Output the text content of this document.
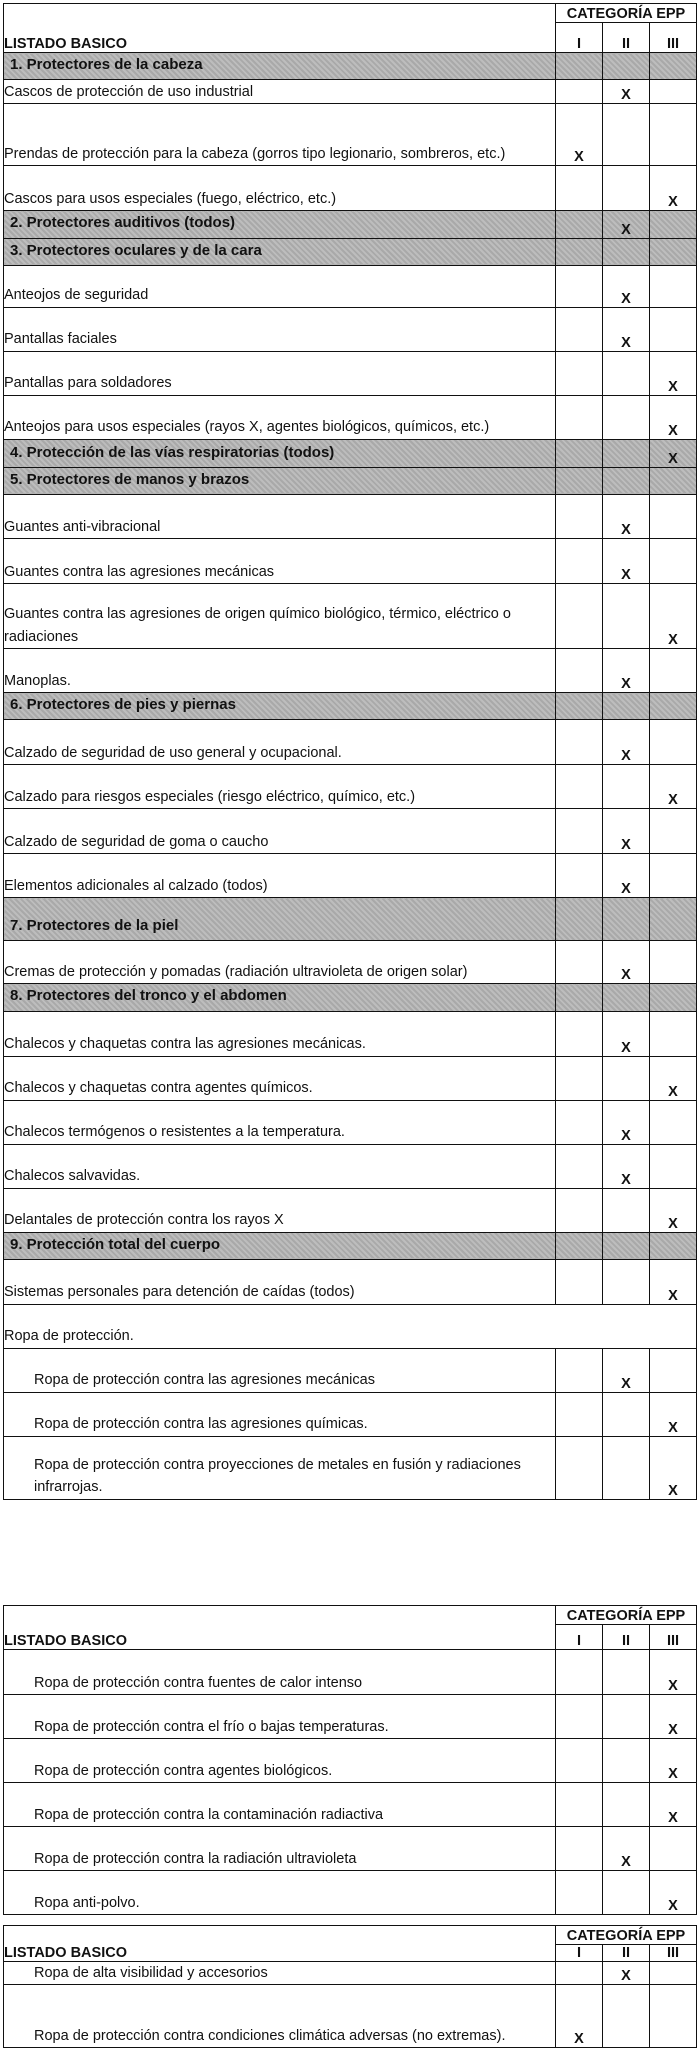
LISTADO BASICO	CATEGORÍA EPP		
	I	II	III
1. Protectores de la cabeza			
Cascos de protección de uso industrial		X	
Prendas de protección para la cabeza (gorros tipo legionario, sombreros, etc.)	X		
Cascos para usos especiales (fuego, eléctrico, etc.)			X
2. Protectores auditivos (todos)		X	
3. Protectores oculares y de la cara			
Anteojos de seguridad		X	
Pantallas faciales		X	
Pantallas para soldadores			X
Anteojos para usos especiales (rayos X, agentes biológicos, químicos, etc.)			X
4. Protección de las vías respiratorias (todos)			X
5. Protectores de manos y brazos			
Guantes anti-vibracional		X	
Guantes contra las agresiones mecánicas		X	
Guantes contra las agresiones de origen químico biológico, térmico, eléctrico o radiaciones			X
Manoplas.		X	
6. Protectores de pies y piernas			
Calzado de seguridad de uso general y ocupacional.		X	
Calzado para riesgos especiales (riesgo eléctrico, químico, etc.)			X
Calzado de seguridad de goma o caucho		X	
Elementos adicionales al calzado (todos)		X	
7. Protectores de la piel			
Cremas de protección y pomadas (radiación ultravioleta de origen solar)		X	
8. Protectores del tronco y el abdomen			
Chalecos y chaquetas contra las agresiones mecánicas.		X	
Chalecos y chaquetas contra agentes químicos.			X
Chalecos termógenos o resistentes a la temperatura.		X	
Chalecos salvavidas.		X	
Delantales de protección contra los rayos X			X
9. Protección total del cuerpo			
Sistemas personales para detención de caídas (todos)			X
Ropa de protección.			
Ropa de protección contra las agresiones mecánicas		X	
Ropa de protección contra las agresiones químicas.			X
Ropa de protección contra proyecciones de metales en fusión y radiaciones infrarrojas.			X
LISTADO BASICO	CATEGORÍA EPP		
	I	II	III
Ropa de protección contra fuentes de calor intenso			X
Ropa de protección contra el frío o bajas temperaturas.			X
Ropa de protección contra agentes biológicos.			X
Ropa de protección contra la contaminación radiactiva			X
Ropa de protección contra la radiación ultravioleta		X	
Ropa anti-polvo.			X
LISTADO BASICO	CATEGORÍA EPP		
	I	II	III
Ropa de alta visibilidad y accesorios		X	
Ropa de protección contra condiciones climática adversas (no extremas).	X		
